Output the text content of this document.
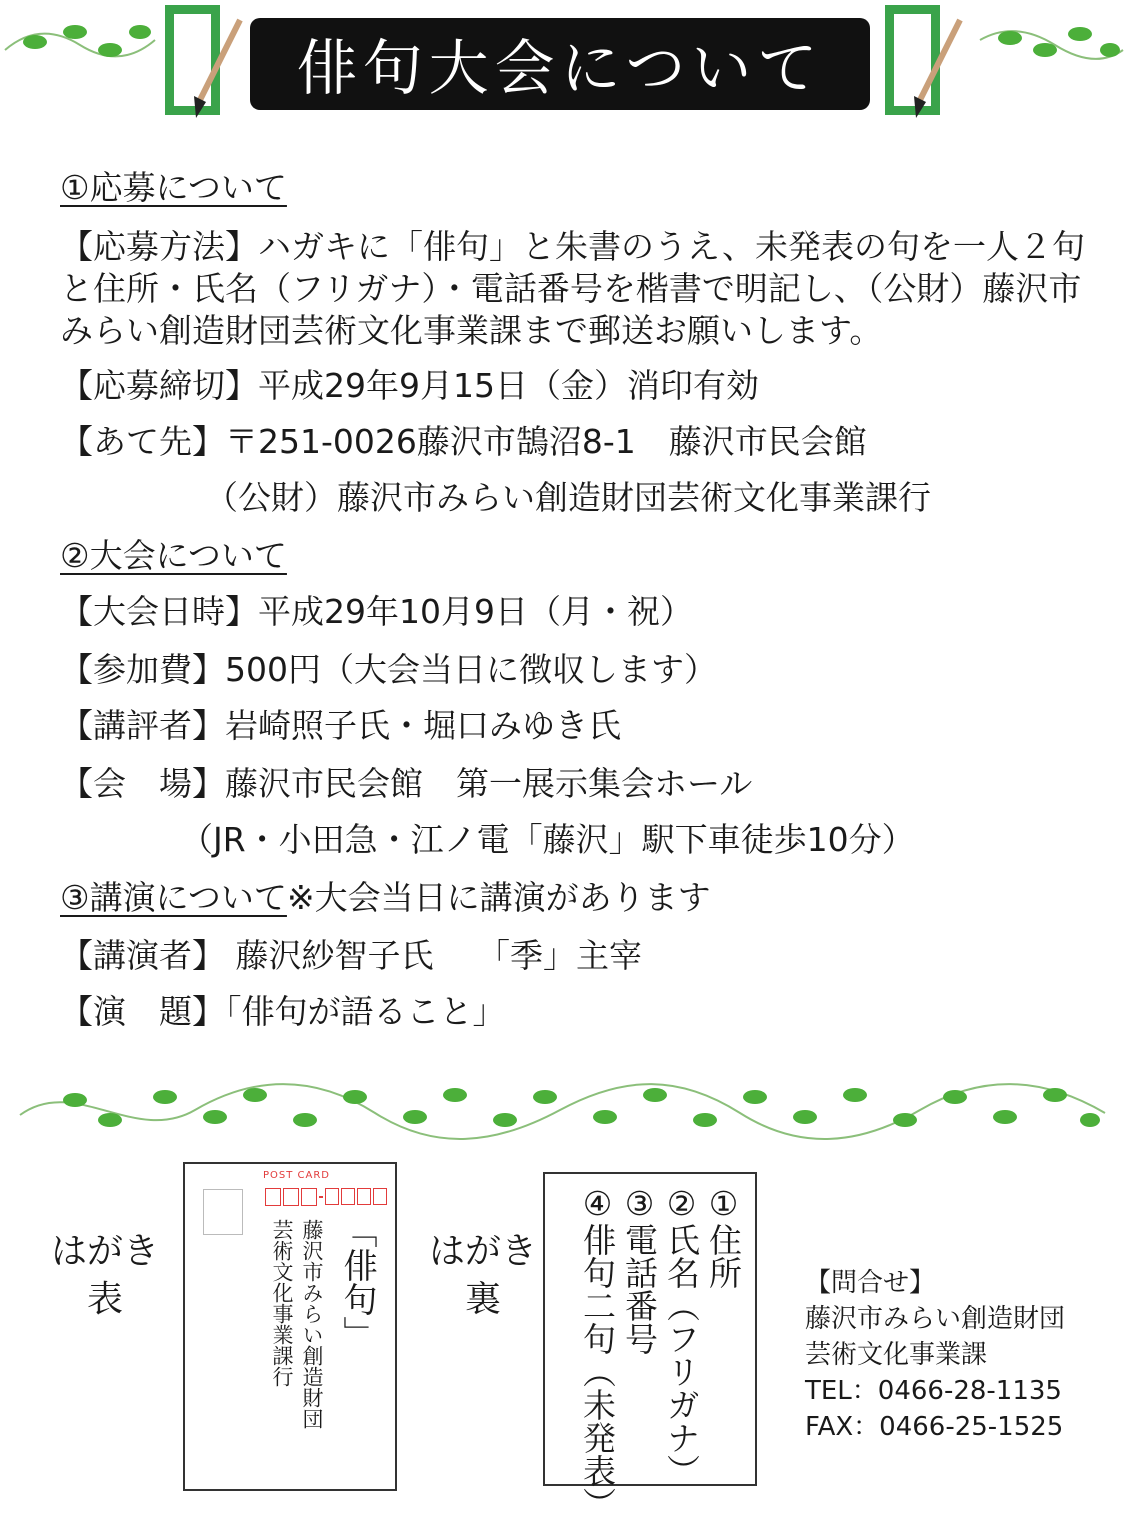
俳句大会について
①応募について
【応募方法】ハガキに「俳句」と朱書のうえ、未発表の句を一人２句と住所・氏名（フリガナ）・電話番号を楷書で明記し、（公財）藤沢市みらい創造財団芸術文化事業課まで郵送お願いします。
【応募締切】平成29年9月15日（金）消印有効
【あて先】〒251-0026藤沢市鵠沼8-1　藤沢市民会館
（公財）藤沢市みらい創造財団芸術文化事業課行
②大会について
【大会日時】平成29年10月9日（月・祝）
【参加費】500円（大会当日に徴収します）
【講評者】岩崎照子氏・堀口みゆき氏
【会　場】藤沢市民会館　第一展示集会ホール
（JR・小田急・江ノ電「藤沢」駅下車徒歩10分）
③講演について※大会当日に講演があります
【講演者】 藤沢紗智子氏　 「季」主宰
【演　題】「俳句が語ること」
はがき表
POST CARD
「俳句」
藤沢市みらい創造財団
芸術文化事業課行	はがき裏
①住所
②氏名（フリガナ）
③電話番号
④俳句二句（未発表）	【問合せ】
藤沢市みらい創造財団
芸術文化事業課
TEL：0466-28-1135
FAX：0466-25-1525
